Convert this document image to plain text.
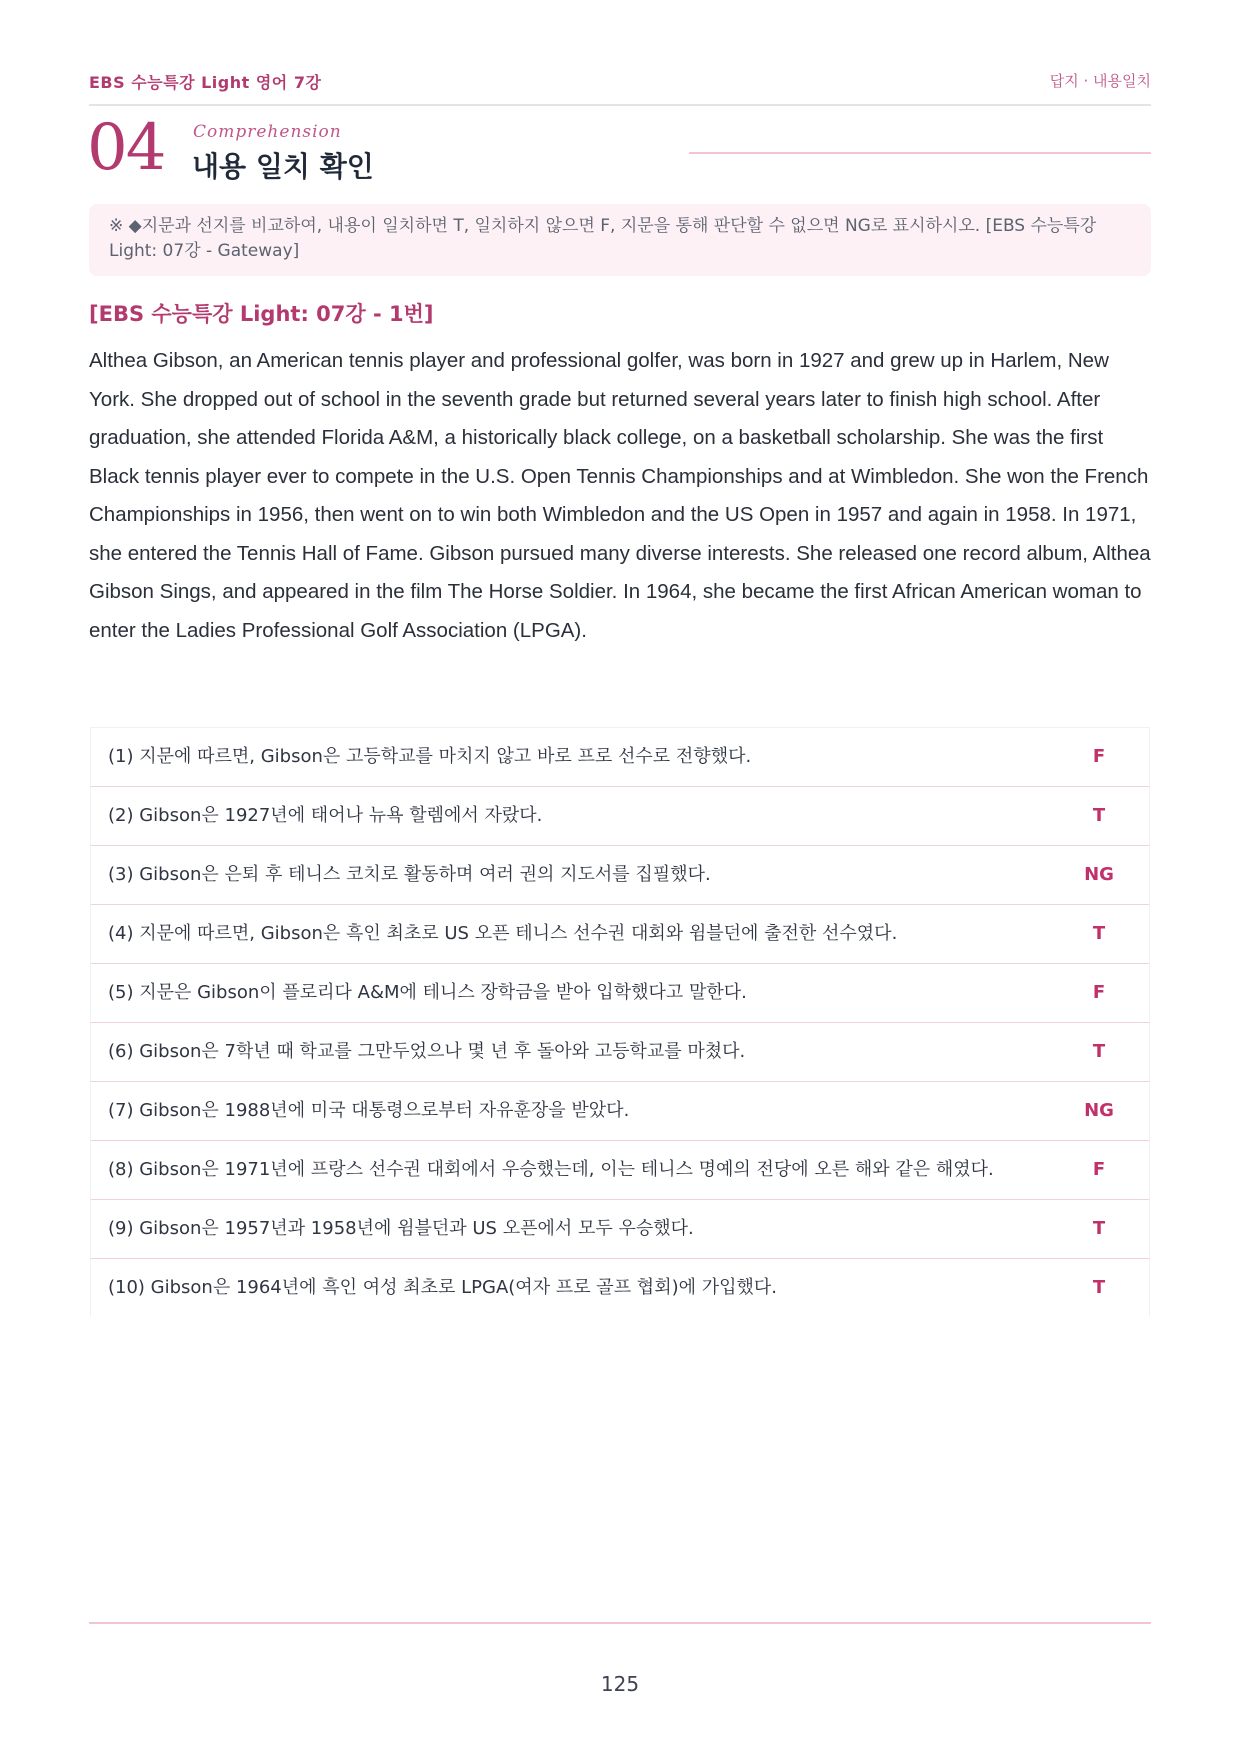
EBS 수능특강 Light 영어 7강	답지 · 내용일치
04 Comprehension
내용 일치 확인
※ ◆지문과 선지를 비교하여, 내용이 일치하면 T, 일치하지 않으면 F, 지문을 통해 판단할 수 없으면 NG로 표시하시오. [EBS 수능특강 Light: 07강 - Gateway]
[EBS 수능특강 Light: 07강 - 1번]
Althea Gibson, an American tennis player and professional golfer, was born in 1927 and grew up in Harlem, New York. She dropped out of school in the seventh grade but returned several years later to finish high school. After graduation, she attended Florida A&M, a historically black college, on a basketball scholarship. She was the first Black tennis player ever to compete in the U.S. Open Tennis Championships and at Wimbledon. She won the French Championships in 1956, then went on to win both Wimbledon and the US Open in 1957 and again in 1958. In 1971, she entered the Tennis Hall of Fame. Gibson pursued many diverse interests. She released one record album, Althea Gibson Sings, and appeared in the film The Horse Soldier. In 1964, she became the first African American woman to enter the Ladies Professional Golf Association (LPGA).
(1) 지문에 따르면, Gibson은 고등학교를 마치지 않고 바로 프로 선수로 전향했다.	F
(2) Gibson은 1927년에 태어나 뉴욕 할렘에서 자랐다.	T
(3) Gibson은 은퇴 후 테니스 코치로 활동하며 여러 권의 지도서를 집필했다.	NG
(4) 지문에 따르면, Gibson은 흑인 최초로 US 오픈 테니스 선수권 대회와 윔블던에 출전한 선수였다.	T
(5) 지문은 Gibson이 플로리다 A&M에 테니스 장학금을 받아 입학했다고 말한다.	F
(6) Gibson은 7학년 때 학교를 그만두었으나 몇 년 후 돌아와 고등학교를 마쳤다.	T
(7) Gibson은 1988년에 미국 대통령으로부터 자유훈장을 받았다.	NG
(8) Gibson은 1971년에 프랑스 선수권 대회에서 우승했는데, 이는 테니스 명예의 전당에 오른 해와 같은 해였다.	F
(9) Gibson은 1957년과 1958년에 윔블던과 US 오픈에서 모두 우승했다.	T
(10) Gibson은 1964년에 흑인 여성 최초로 LPGA(여자 프로 골프 협회)에 가입했다.	T
125
